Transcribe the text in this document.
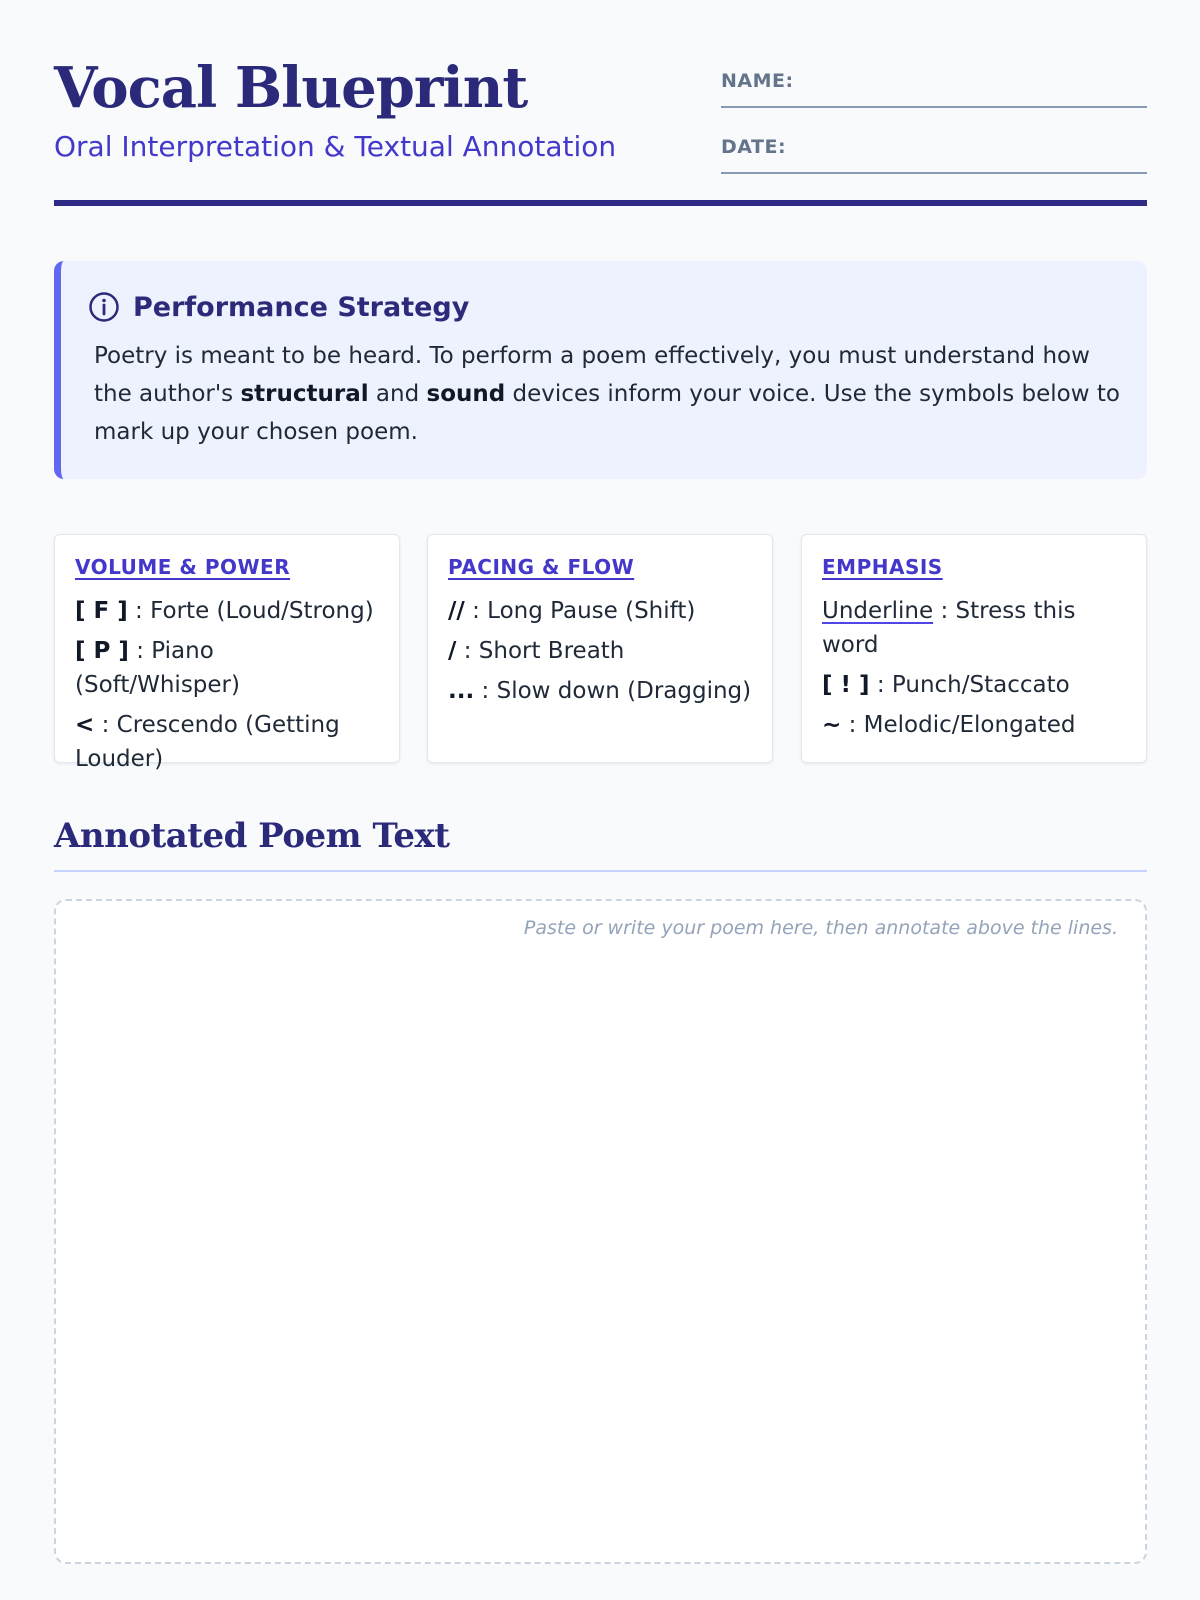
Vocal Blueprint
Oral Interpretation & Textual Annotation
NAME:
DATE:
Performance Strategy

Poetry is meant to be heard. To perform a poem effectively, you must understand how the author's structural and sound devices inform your voice. Use the symbols below to mark up your chosen poem.

VOLUME & POWER
[ F ] : Forte (Loud/Strong)
[ P ] : Piano (Soft/Whisper)
< : Crescendo (Getting Louder)
PACING & FLOW
// : Long Pause (Shift)
/ : Short Breath
... : Slow down (Dragging)
EMPHASIS
Underline : Stress this word
[ ! ] : Punch/Staccato
~ : Melodic/Elongated
Annotated Poem Text
Paste or write your poem here, then annotate above the lines.
